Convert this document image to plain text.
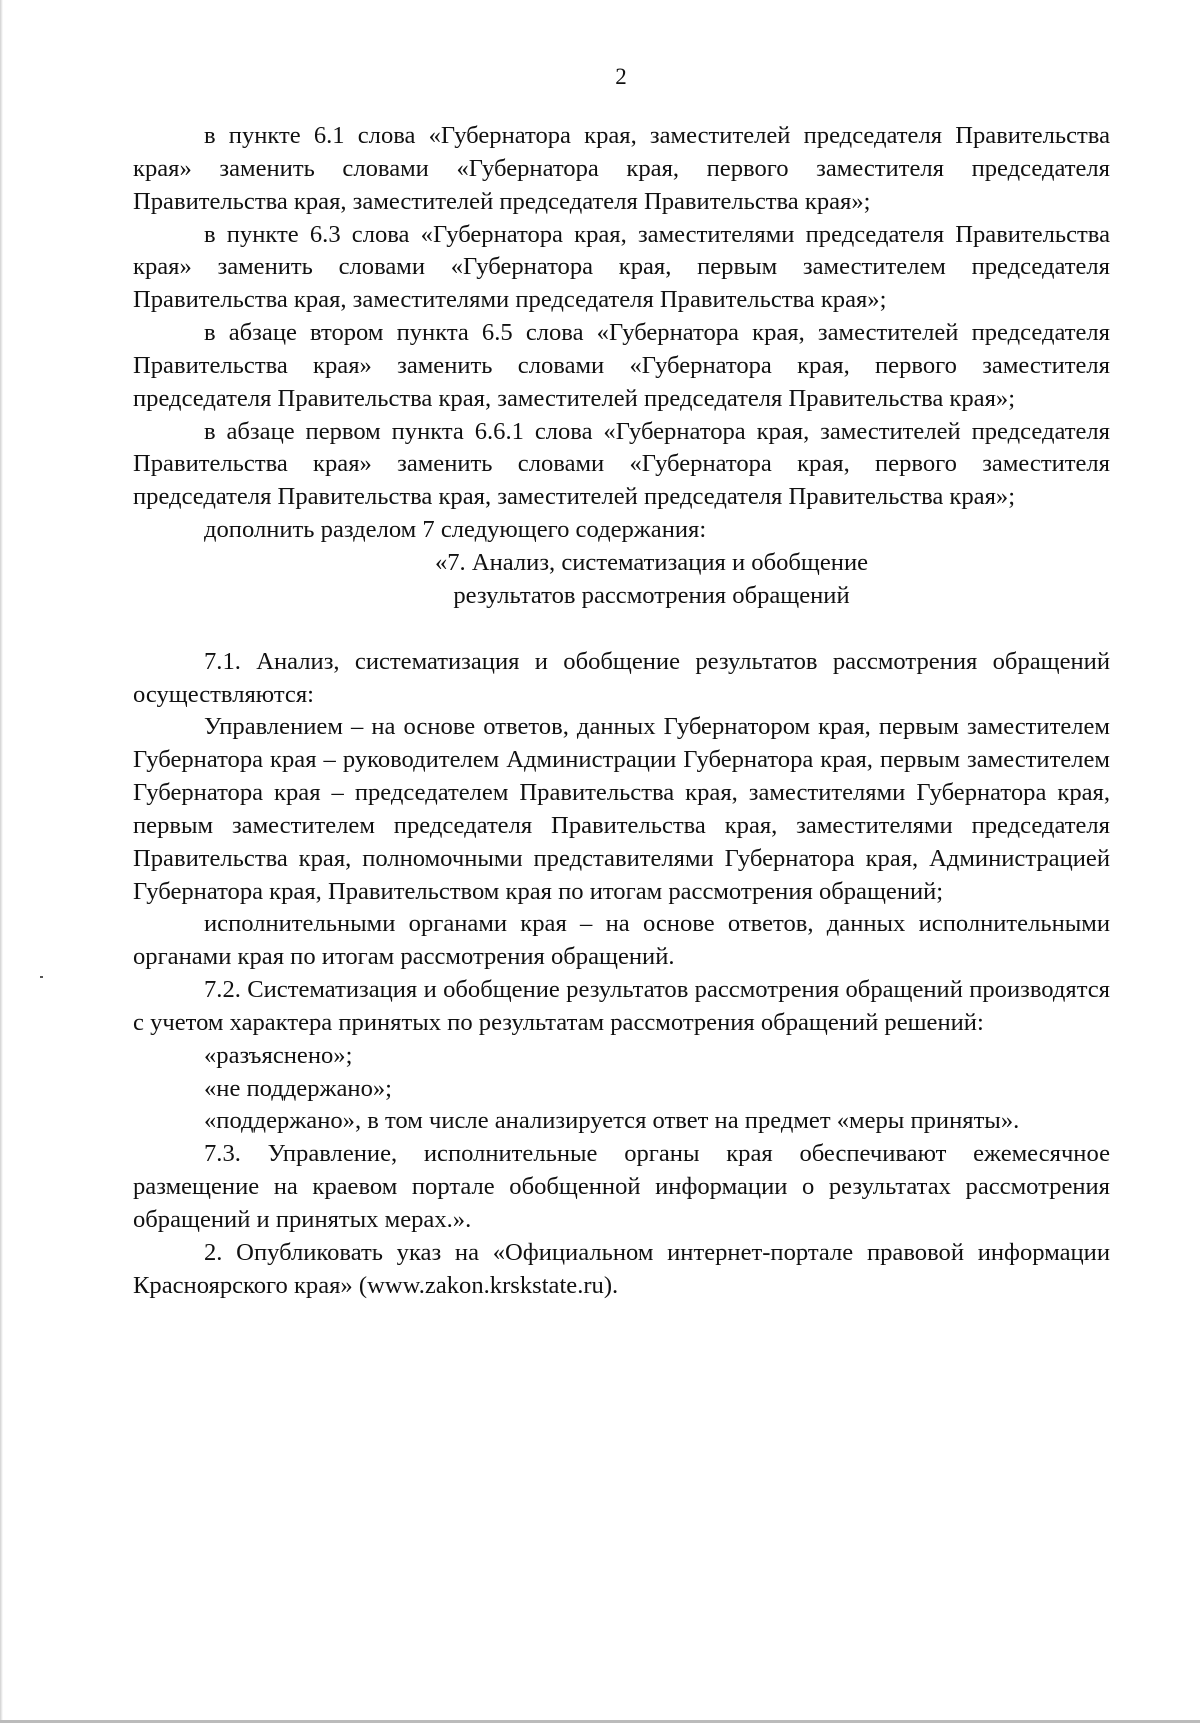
2

в пункте 6.1 слова «Губернатора края, заместителей председателя Правительства края» заменить словами «Губернатора края, первого заместителя председателя Правительства края, заместителей председателя Правительства края»;

в пункте 6.3 слова «Губернатора края, заместителями председателя Правительства края» заменить словами «Губернатора края, первым заместителем председателя Правительства края, заместителями председателя Правительства края»;

в абзаце втором пункта 6.5 слова «Губернатора края, заместителей председателя Правительства края» заменить словами «Губернатора края, первого заместителя председателя Правительства края, заместителей председателя Правительства края»;

в абзаце первом пункта 6.6.1 слова «Губернатора края, заместителей председателя Правительства края» заменить словами «Губернатора края, первого заместителя председателя Правительства края, заместителей председателя Правительства края»;

дополнить разделом 7 следующего содержания:

«7. Анализ, систематизация и обобщение
результатов рассмотрения обращений

7.1. Анализ, систематизация и обобщение результатов рассмотрения обращений осуществляются:

Управлением – на основе ответов, данных Губернатором края, первым заместителем Губернатора края – руководителем Администрации Губернатора края, первым заместителем Губернатора края – председателем Правительства края, заместителями Губернатора края, первым заместителем председателя Правительства края, заместителями председателя Правительства края, полномочными представителями Губернатора края, Администрацией Губернатора края, Правительством края по итогам рассмотрения обращений;

исполнительными органами края – на основе ответов, данных исполнительными органами края по итогам рассмотрения обращений.

7.2. Систематизация и обобщение результатов рассмотрения обращений производятся с учетом характера принятых по результатам рассмотрения обращений решений:

«разъяснено»;

«не поддержано»;

«поддержано», в том числе анализируется ответ на предмет «меры приняты».

7.3. Управление, исполнительные органы края обеспечивают ежемесячное размещение на краевом портале обобщенной информации о результатах рассмотрения обращений и принятых мерах.».

2. Опубликовать указ на «Официальном интернет-портале правовой информации Красноярского края» (www.zakon.krskstate.ru).
